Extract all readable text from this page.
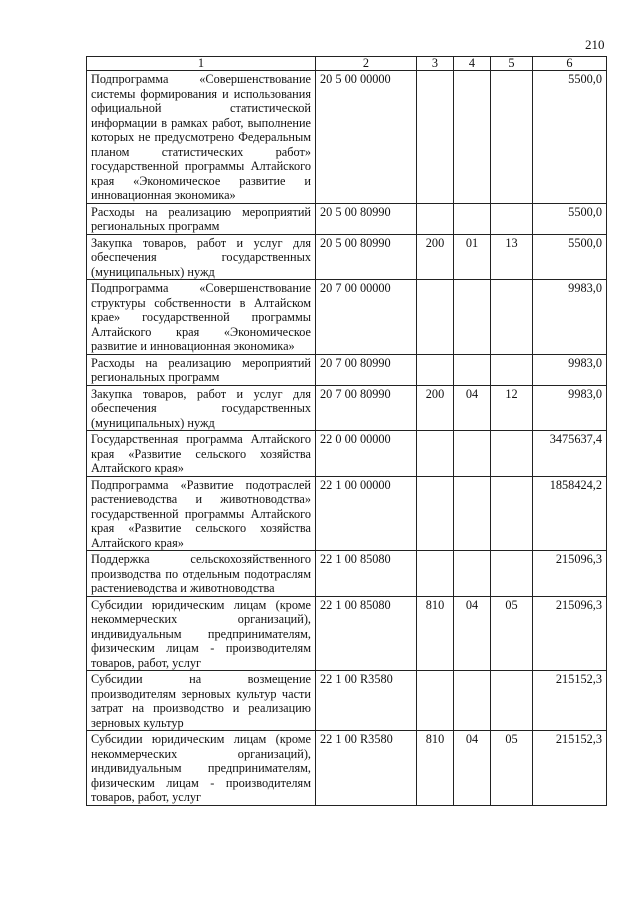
210
1	2	3	4	5	6
Подпрограмма «Совершенствование системы формирования и использования официальной статистической информации в рамках работ, выполнение которых не предусмотрено Федеральным планом статистических работ» государственной программы Алтайского края «Экономическое развитие и инновационная экономика»	20 5 00 00000				5500,0
Расходы на реализацию мероприятий региональных программ	20 5 00 80990				5500,0
Закупка товаров, работ и услуг для обеспечения государственных (муниципальных) нужд	20 5 00 80990	200	01	13	5500,0
Подпрограмма «Совершенствование структуры собственности в Алтайском крае» государственной программы Алтайского края «Экономическое развитие и инновационная экономика»	20 7 00 00000				9983,0
Расходы на реализацию мероприятий региональных программ	20 7 00 80990				9983,0
Закупка товаров, работ и услуг для обеспечения государственных (муниципальных) нужд	20 7 00 80990	200	04	12	9983,0
Государственная программа Алтайского края «Развитие сельского хозяйства Алтайского края»	22 0 00 00000				3475637,4
Подпрограмма «Развитие подотраслей растениеводства и животноводства» государственной программы Алтайского края «Развитие сельского хозяйства Алтайского края»	22 1 00 00000				1858424,2
Поддержка сельскохозяйственного производства по отдельным подотраслям растениеводства и животноводства	22 1 00 85080				215096,3
Субсидии юридическим лицам (кроме некоммерческих организаций), индивидуальным предпринимателям, физическим лицам - производителям товаров, работ, услуг	22 1 00 85080	810	04	05	215096,3
Субсидии на возмещение производителям зерновых культур части затрат на производство и реализацию зерновых культур	22 1 00 R3580				215152,3
Субсидии юридическим лицам (кроме некоммерческих организаций), индивидуальным предпринимателям, физическим лицам - производителям товаров, работ, услуг	22 1 00 R3580	810	04	05	215152,3
